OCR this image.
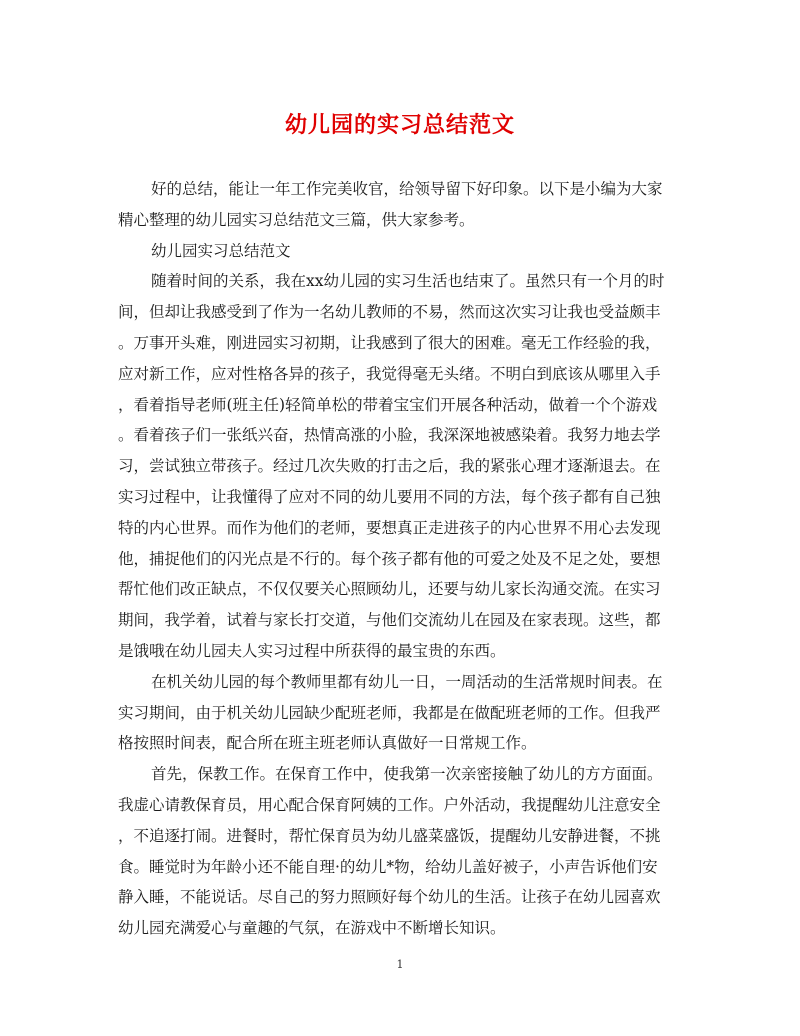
幼儿园的实习总结范文
好的总结，能让一年工作完美收官，给领导留下好印象。以下是小编为大家
精心整理的幼儿园实习总结范文三篇，供大家参考。
幼儿园实习总结范文
随着时间的关系，我在xx幼儿园的实习生活也结束了。虽然只有一个月的时
间，但却让我感受到了作为一名幼儿教师的不易，然而这次实习让我也受益颇丰
。万事开头难，刚进园实习初期，让我感到了很大的困难。毫无工作经验的我，
应对新工作，应对性格各异的孩子，我觉得毫无头绪。不明白到底该从哪里入手
，看着指导老师(班主任)轻简单松的带着宝宝们开展各种活动，做着一个个游戏
。看着孩子们一张纸兴奋，热情高涨的小脸，我深深地被感染着。我努力地去学
习，尝试独立带孩子。经过几次失败的打击之后，我的紧张心理才逐渐退去。在
实习过程中，让我懂得了应对不同的幼儿要用不同的方法，每个孩子都有自己独
特的内心世界。而作为他们的老师，要想真正走进孩子的内心世界不用心去发现
他，捕捉他们的闪光点是不行的。每个孩子都有他的可爱之处及不足之处，要想
帮忙他们改正缺点，不仅仅要关心照顾幼儿，还要与幼儿家长沟通交流。在实习
期间，我学着，试着与家长打交道，与他们交流幼儿在园及在家表现。这些，都
是饿哦在幼儿园夫人实习过程中所获得的最宝贵的东西。
在机关幼儿园的每个教师里都有幼儿一日，一周活动的生活常规时间表。在
实习期间，由于机关幼儿园缺少配班老师，我都是在做配班老师的工作。但我严
格按照时间表，配合所在班主班老师认真做好一日常规工作。
首先，保教工作。在保育工作中，使我第一次亲密接触了幼儿的方方面面。
我虚心请教保育员，用心配合保育阿姨的工作。户外活动，我提醒幼儿注意安全
，不追逐打闹。进餐时，帮忙保育员为幼儿盛菜盛饭，提醒幼儿安静进餐，不挑
食。睡觉时为年龄小还不能自理·的幼儿*物，给幼儿盖好被子，小声告诉他们安
静入睡，不能说话。尽自己的努力照顾好每个幼儿的生活。让孩子在幼儿园喜欢
幼儿园充满爱心与童趣的气氛，在游戏中不断增长知识。
1
